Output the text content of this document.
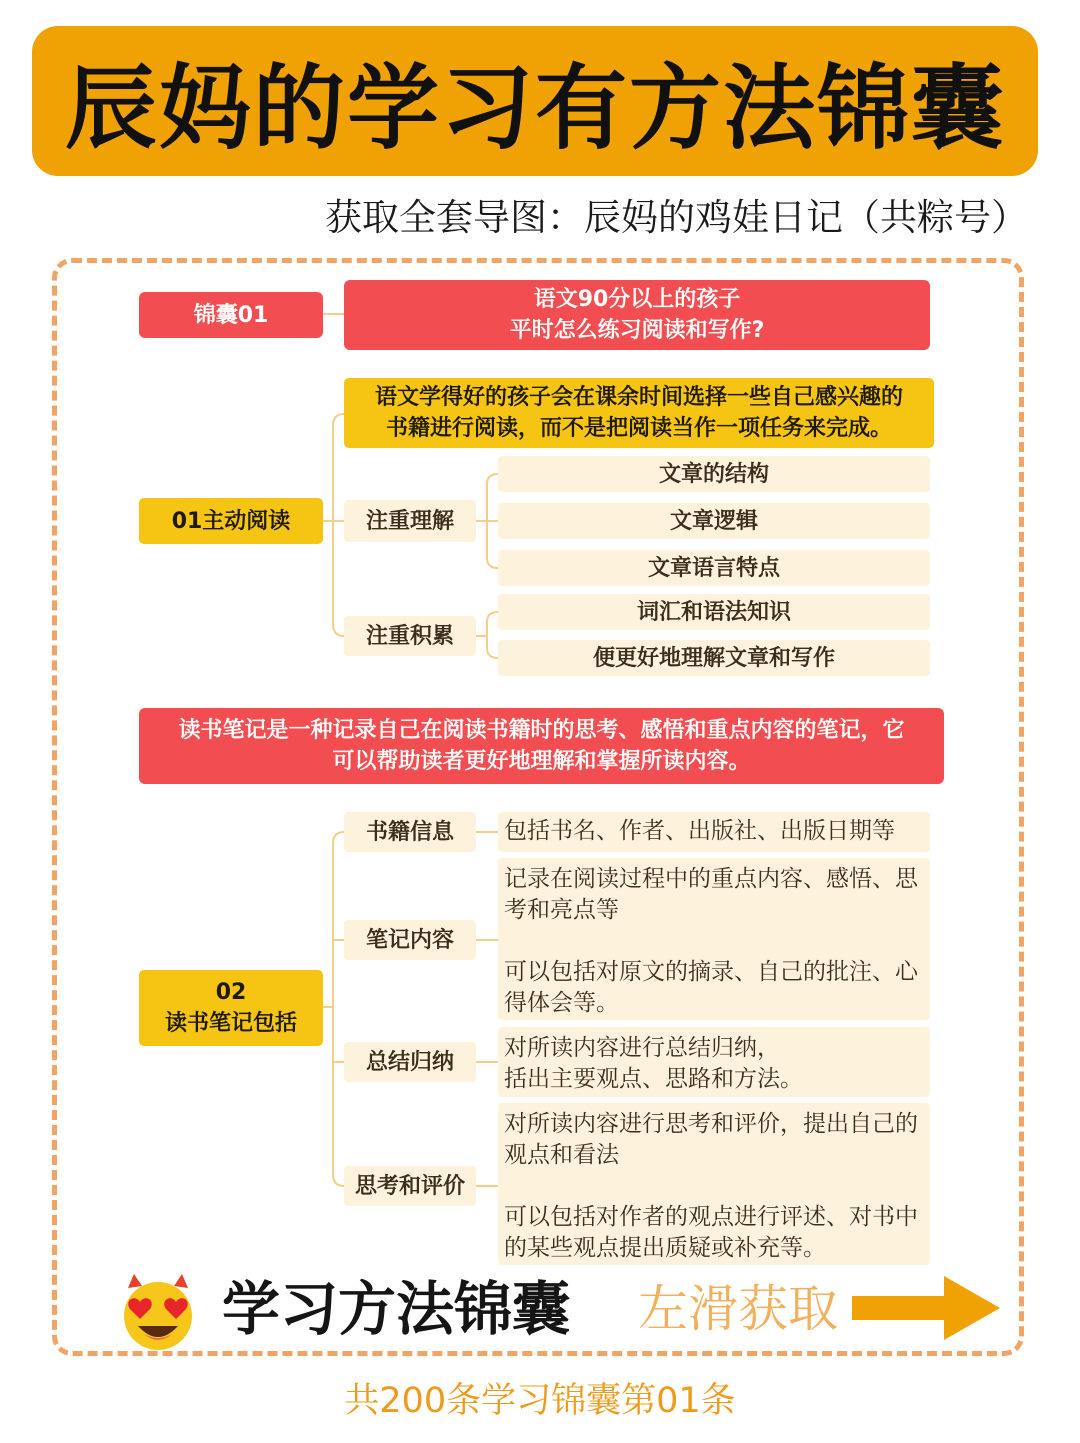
辰妈的学习有方法锦囊
获取全套导图：辰妈的鸡娃日记（共粽号）
锦囊01
语文90分以上的孩子
平时怎么练习阅读和写作?
01主动阅读
语文学得好的孩子会在课余时间选择一些自己感兴趣的
书籍进行阅读，而不是把阅读当作一项任务来完成。
注重理解
文章的结构
文章逻辑
文章语言特点
注重积累
词汇和语法知识
便更好地理解文章和写作
读书笔记是一种记录自己在阅读书籍时的思考、感悟和重点内容的笔记，它
可以帮助读者更好地理解和掌握所读内容。
02
读书笔记包括
书籍信息	包括书名、作者、出版社、出版日期等
笔记内容
记录在阅读过程中的重点内容、感悟、思
考和亮点等
可以包括对原文的摘录、自己的批注、心
得体会等。
总结归纳
对所读内容进行总结归纳，
括出主要观点、思路和方法。
思考和评价
对所读内容进行思考和评价，提出自己的
观点和看法
可以包括对作者的观点进行评述、对书中
的某些观点提出质疑或补充等。
学习方法锦囊 左滑获取
共200条学习锦囊第01条
